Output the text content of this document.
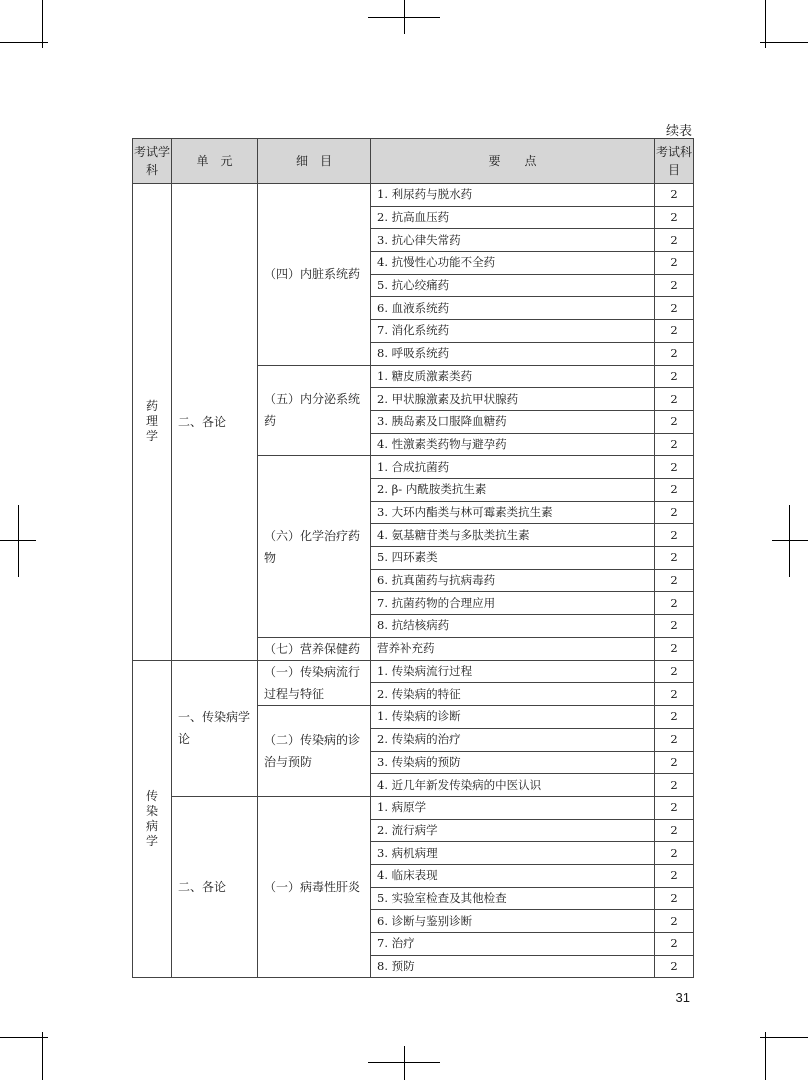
续表
考试学科	单　元	细　目	要　　点	考试科目
药理学	二、各论	（四）内脏系统药	1. 利尿药与脱水药	2
			2. 抗高血压药	2
			3. 抗心律失常药	2
			4. 抗慢性心功能不全药	2
			5. 抗心绞痛药	2
			6. 血液系统药	2
			7. 消化系统药	2
			8. 呼吸系统药	2
		（五）内分泌系统药	1. 糖皮质激素类药	2
			2. 甲状腺激素及抗甲状腺药	2
			3. 胰岛素及口服降血糖药	2
			4. 性激素类药物与避孕药	2
		（六）化学治疗药物	1. 合成抗菌药	2
			2. β- 内酰胺类抗生素	2
			3. 大环内酯类与林可霉素类抗生素	2
			4. 氨基糖苷类与多肽类抗生素	2
			5. 四环素类	2
			6. 抗真菌药与抗病毒药	2
			7. 抗菌药物的合理应用	2
			8. 抗结核病药	2
		（七）营养保健药	营养补充药	2
传染病学	一、传染病学论	（一）传染病流行过程与特征	1. 传染病流行过程	2
			2. 传染病的特征	2
		（二）传染病的诊治与预防	1. 传染病的诊断	2
			2. 传染病的治疗	2
			3. 传染病的预防	2
			4. 近几年新发传染病的中医认识	2
	二、各论	（一）病毒性肝炎	1. 病原学	2
			2. 流行病学	2
			3. 病机病理	2
			4. 临床表现	2
			5. 实验室检查及其他检查	2
			6. 诊断与鉴别诊断	2
			7. 治疗	2
			8. 预防	2
31
